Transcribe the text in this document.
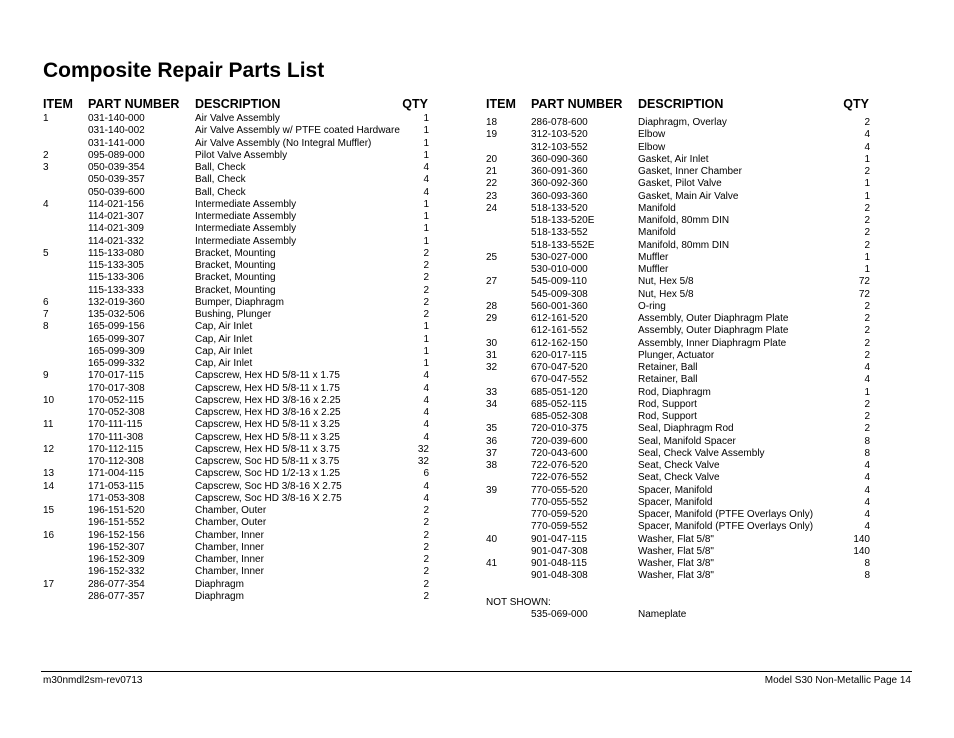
Composite Repair Parts List
ITEM PART NUMBER DESCRIPTION	QTY
1	031-140-000	Air Valve Assembly	1
031-140-002	Air Valve Assembly w/ PTFE coated Hardware 1
031-141-000	Air Valve Assembly (No Integral Muffler)	1
2	095-089-000	Pilot Valve Assembly	1
3	050-039-354	Ball, Check	4
050-039-357	Ball, Check	4
050-039-600	Ball, Check	4
4	114-021-156	Intermediate Assembly	1
114-021-307	Intermediate Assembly	1
114-021-309	Intermediate Assembly	1
114-021-332	Intermediate Assembly	1
5	115-133-080	Bracket, Mounting	2
115-133-305	Bracket, Mounting	2
115-133-306	Bracket, Mounting	2
115-133-333	Bracket, Mounting	2
6	132-019-360	Bumper, Diaphragm	2
7	135-032-506	Bushing, Plunger	2
8	165-099-156	Cap, Air Inlet	1
165-099-307	Cap, Air Inlet	1
165-099-309	Cap, Air Inlet	1
165-099-332	Cap, Air Inlet	1
9	170-017-115	Capscrew, Hex HD 5/8-11 x 1.75	4
170-017-308	Capscrew, Hex HD 5/8-11 x 1.75	4
10	170-052-115	Capscrew, Hex HD 3/8-16 x 2.25	4
170-052-308	Capscrew, Hex HD 3/8-16 x 2.25	4
11	170-111-115	Capscrew, Hex HD 5/8-11 x 3.25	4
170-111-308	Capscrew, Hex HD 5/8-11 x 3.25	4
12	170-112-115	Capscrew, Hex HD 5/8-11 x 3.75	32
170-112-308	Capscrew, Soc HD 5/8-11 x 3.75	32
13	171-004-115	Capscrew, Soc HD 1/2-13 x 1.25	6
14	171-053-115	Capscrew, Soc HD 3/8-16 X 2.75	4
171-053-308	Capscrew, Soc HD 3/8-16 X 2.75	4
15	196-151-520	Chamber, Outer	2
196-151-552	Chamber, Outer	2
16	196-152-156	Chamber, Inner	2
196-152-307	Chamber, Inner	2
196-152-309	Chamber, Inner	2
196-152-332	Chamber, Inner	2
17	286-077-354	Diaphragm	2
286-077-357	Diaphragm	2
ITEM PART NUMBER DESCRIPTION	QTY
18	286-078-600	Diaphragm, Overlay	2
19	312-103-520	Elbow	4
312-103-552	Elbow	4
20	360-090-360	Gasket, Air Inlet	1
21	360-091-360	Gasket, Inner Chamber	2
22	360-092-360	Gasket, Pilot Valve	1
23	360-093-360	Gasket, Main Air Valve	1
24	518-133-520	Manifold	2
518-133-520E	Manifold, 80mm DIN	2
518-133-552	Manifold	2
518-133-552E	Manifold, 80mm DIN	2
25	530-027-000	Muffler	1
530-010-000	Muffler	1
27	545-009-110	Nut, Hex 5/8	72
545-009-308	Nut, Hex 5/8	72
28	560-001-360	O-ring	2
29	612-161-520	Assembly, Outer Diaphragm Plate	2
612-161-552	Assembly, Outer Diaphragm Plate	2
30	612-162-150	Assembly, Inner Diaphragm Plate	2
31	620-017-115	Plunger, Actuator	2
32	670-047-520	Retainer, Ball	4
670-047-552	Retainer, Ball	4
33	685-051-120	Rod, Diaphragm	1
34	685-052-115	Rod, Support	2
685-052-308	Rod, Support	2
35	720-010-375	Seal, Diaphragm Rod	2
36	720-039-600	Seal, Manifold Spacer	8
37	720-043-600	Seal, Check Valve Assembly	8
38	722-076-520	Seat, Check Valve	4
722-076-552	Seat, Check Valve	4
39	770-055-520	Spacer, Manifold	4
770-055-552	Spacer, Manifold	4
770-059-520	Spacer, Manifold (PTFE Overlays Only)	4
770-059-552	Spacer, Manifold (PTFE Overlays Only)	4
40	901-047-115	Washer, Flat 5/8"	140
901-047-308	Washer, Flat 5/8"	140
41	901-048-115	Washer, Flat 3/8"	8
901-048-308	Washer, Flat 3/8"	8
NOT SHOWN:
535-069-000	Nameplate
m30nmdl2sm-rev0713	Model S30 Non-Metallic Page 14
